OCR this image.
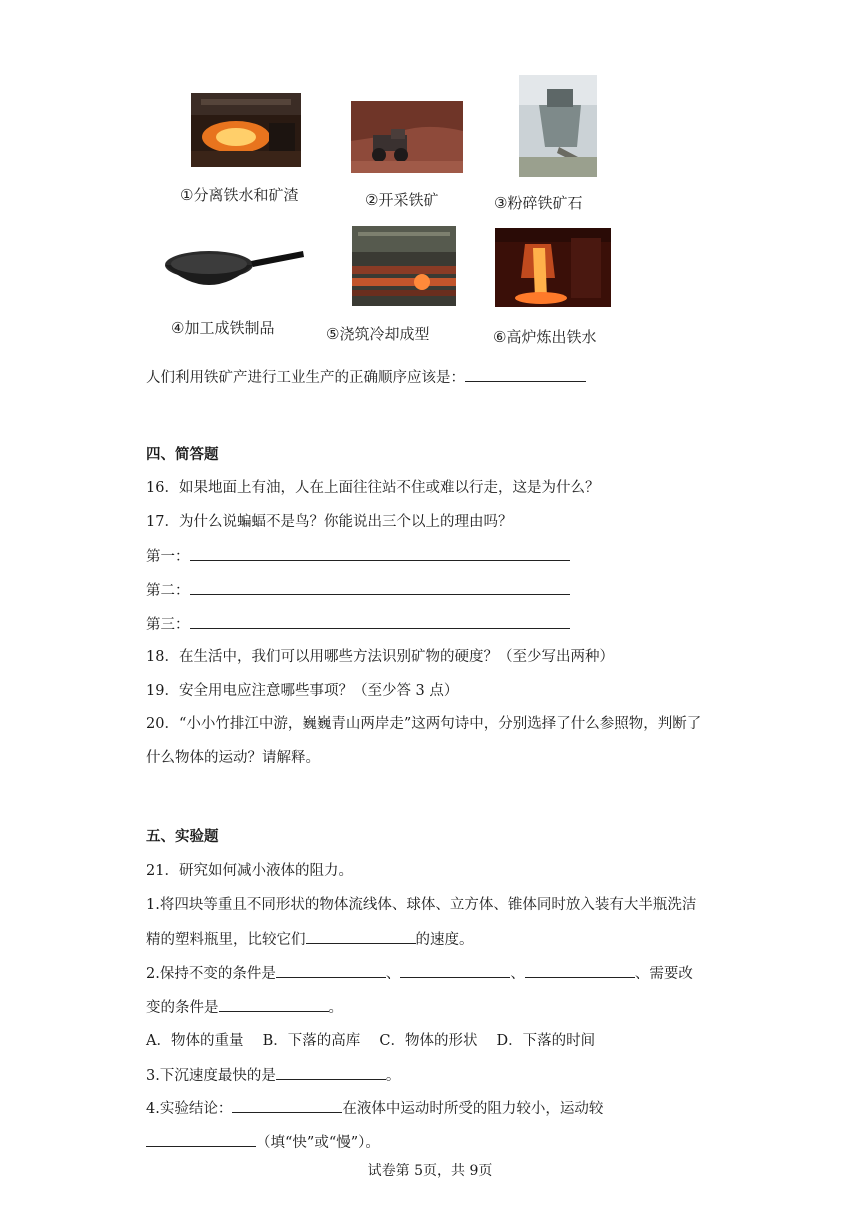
①分离铁水和矿渣	②开采铁矿	③粉碎铁矿石
④加工成铁制品	⑤浇筑冷却成型	⑥高炉炼出铁水
人们利用铁矿产进行工业生产的正确顺序应该是：
四、简答题
16．如果地面上有油，人在上面往往站不住或难以行走，这是为什么？
17．为什么说蝙蝠不是鸟？你能说出三个以上的理由吗？
第一：
第二：
第三：
18．在生活中，我们可以用哪些方法识别矿物的硬度？（至少写出两种）
19．安全用电应注意哪些事项？（至少答 3 点）
20．“小小竹排江中游，巍巍青山两岸走”这两句诗中，分别选择了什么参照物，判断了
什么物体的运动？请解释。
五、实验题
21．研究如何减小液体的阻力。
1.将四块等重且不同形状的物体流线体、球体、立方体、锥体同时放入装有大半瓶洗洁
精的塑料瓶里，比较它们	的速度。
2.保持不变的条件是	、	、	、需要改
变的条件是	。
A．物体的重量　 B．下落的高库　 C．物体的形状　 D．下落的时间
3.下沉速度最快的是	。
4.实验结论：	在液体中运动时所受的阻力较小，运动较
（填“快”或“慢”）。
试卷第 5页，共 9页
